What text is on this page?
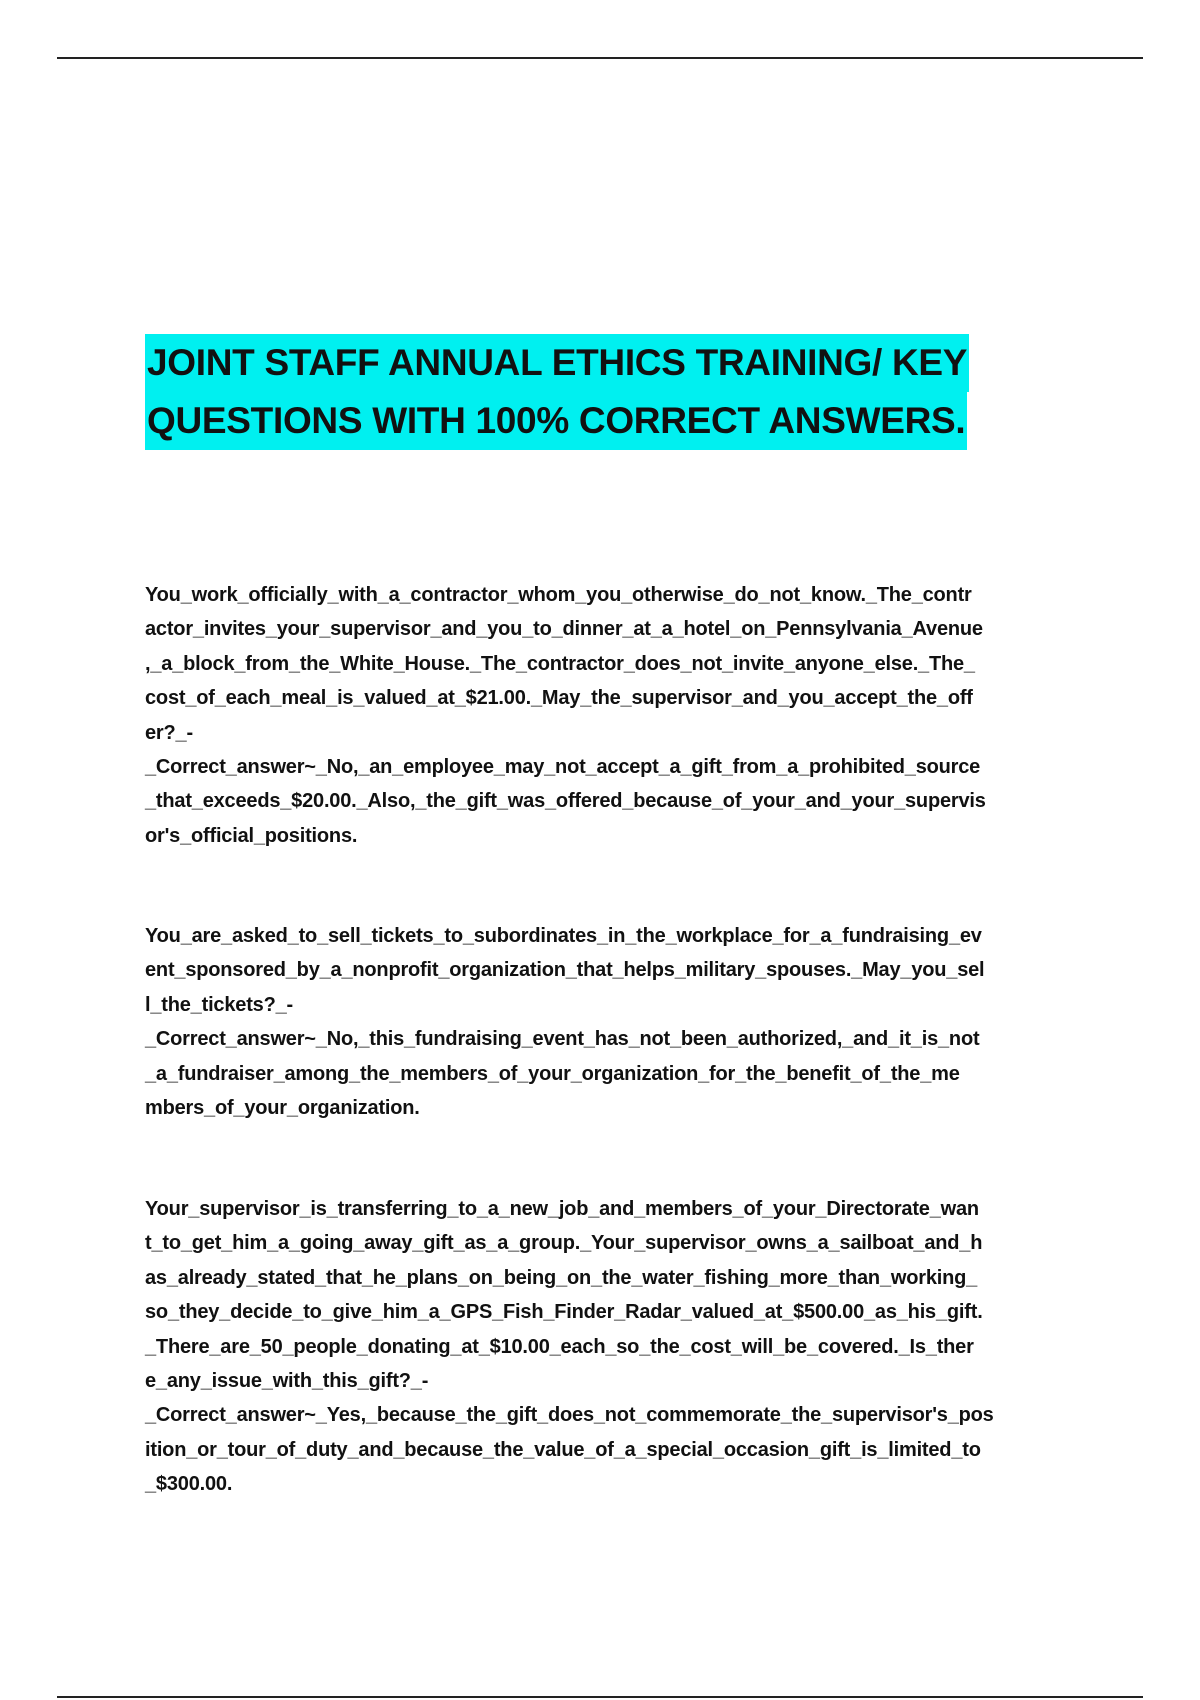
JOINT STAFF ANNUAL ETHICS TRAINING/ KEY
QUESTIONS WITH 100% CORRECT ANSWERS.
You_work_officially_with_a_contractor_whom_you_otherwise_do_not_know._The_contr
actor_invites_your_supervisor_and_you_to_dinner_at_a_hotel_on_Pennsylvania_Avenue
,_a_block_from_the_White_House._The_contractor_does_not_invite_anyone_else._The_
cost_of_each_meal_is_valued_at_$21.00._May_the_supervisor_and_you_accept_the_off
er?_-
_Correct_answer~_No,_an_employee_may_not_accept_a_gift_from_a_prohibited_source
_that_exceeds_$20.00._Also,_the_gift_was_offered_because_of_your_and_your_supervis
or's_official_positions.
You_are_asked_to_sell_tickets_to_subordinates_in_the_workplace_for_a_fundraising_ev
ent_sponsored_by_a_nonprofit_organization_that_helps_military_spouses._May_you_sel
l_the_tickets?_-
_Correct_answer~_No,_this_fundraising_event_has_not_been_authorized,_and_it_is_not
_a_fundraiser_among_the_members_of_your_organization_for_the_benefit_of_the_me
mbers_of_your_organization.
Your_supervisor_is_transferring_to_a_new_job_and_members_of_your_Directorate_wan
t_to_get_him_a_going_away_gift_as_a_group._Your_supervisor_owns_a_sailboat_and_h
as_already_stated_that_he_plans_on_being_on_the_water_fishing_more_than_working_
so_they_decide_to_give_him_a_GPS_Fish_Finder_Radar_valued_at_$500.00_as_his_gift.
_There_are_50_people_donating_at_$10.00_each_so_the_cost_will_be_covered._Is_ther
e_any_issue_with_this_gift?_-
_Correct_answer~_Yes,_because_the_gift_does_not_commemorate_the_supervisor's_pos
ition_or_tour_of_duty_and_because_the_value_of_a_special_occasion_gift_is_limited_to
_$300.00.
